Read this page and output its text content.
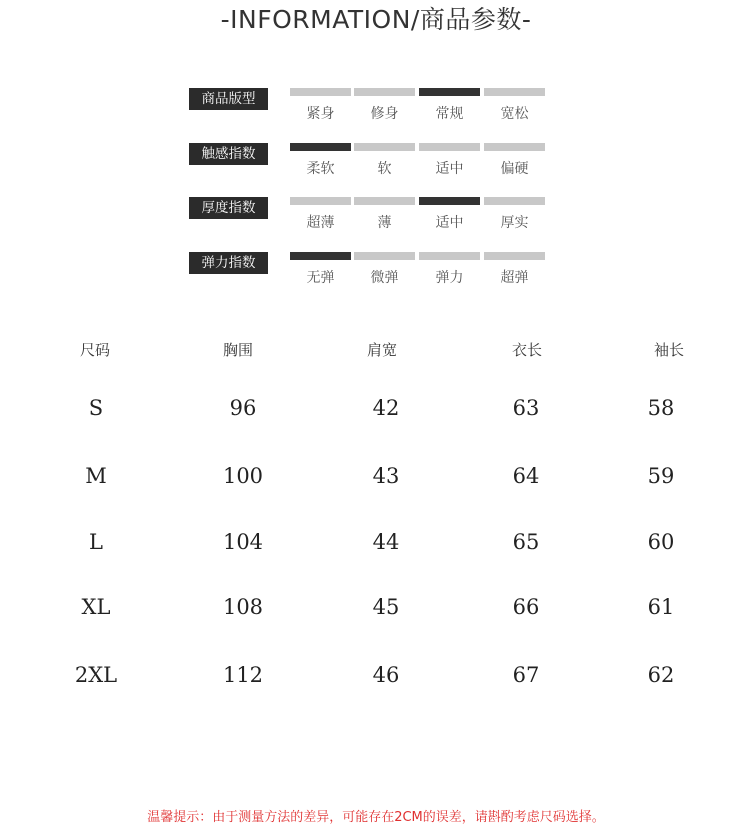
-INFORMATION/商品参数-
商品版型
紧身	修身	常规	宽松
触感指数
柔软	软	适中	偏硬
厚度指数
超薄	薄	适中	厚实
弹力指数
无弹	微弹	弹力	超弹
尺码	胸围	肩宽	衣长	袖长
S	96	42	63	58
M	100	43	64	59
L	104	44	65	60
XL	108	45	66	61
2XL	112	46	67	62
温馨提示：由于测量方法的差异，可能存在2CM的误差，请斟酌考虑尺码选择。
